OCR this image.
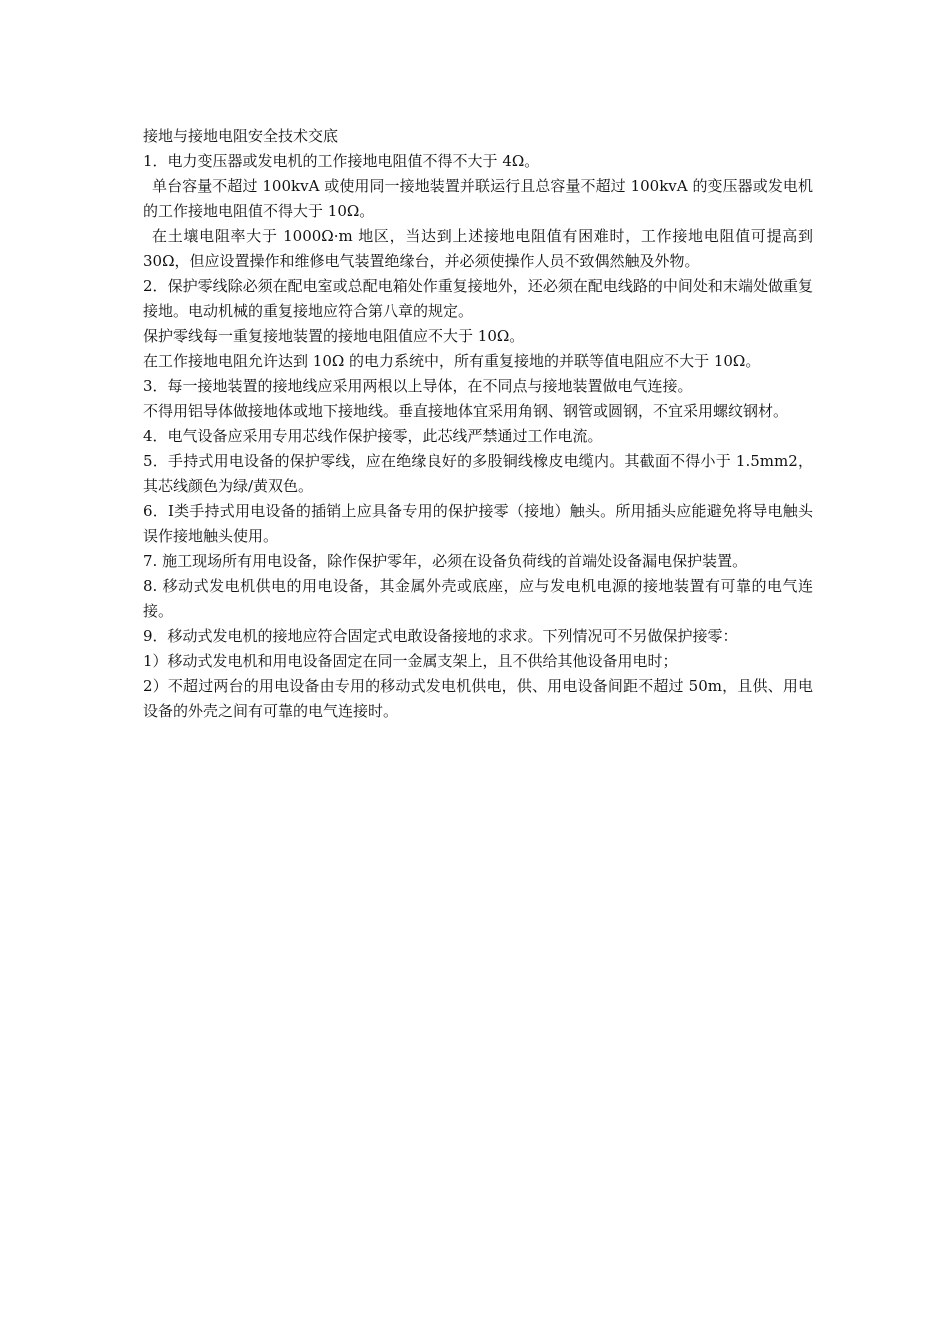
接地与接地电阻安全技术交底

1．电力变压器或发电机的工作接地电阻值不得不大于 4Ω。

单台容量不超过 100kvA 或使用同一接地装置并联运行且总容量不超过 100kvA 的变压器或发电机的工作接地电阻值不得大于 10Ω。

在土壤电阻率大于 1000Ω·m 地区，当达到上述接地电阻值有困难时，工作接地电阻值可提高到 30Ω，但应设置操作和维修电气装置绝缘台，并必须使操作人员不致偶然触及外物。

2．保护零线除必须在配电室或总配电箱处作重复接地外，还必须在配电线路的中间处和末端处做重复接地。电动机械的重复接地应符合第八章的规定。

保护零线每一重复接地装置的接地电阻值应不大于 10Ω。

在工作接地电阻允许达到 10Ω 的电力系统中，所有重复接地的并联等值电阻应不大于 10Ω。

3．每一接地装置的接地线应采用两根以上导体，在不同点与接地装置做电气连接。

不得用铝导体做接地体或地下接地线。垂直接地体宜采用角钢、钢管或圆钢，不宜采用螺纹钢材。

4．电气设备应采用专用芯线作保护接零，此芯线严禁通过工作电流。

5．手持式用电设备的保护零线，应在绝缘良好的多股铜线橡皮电缆内。其截面不得小于 1.5mm2，其芯线颜色为绿/黄双色。

6．Ⅰ类手持式用电设备的插销上应具备专用的保护接零（接地）触头。所用插头应能避免将导电触头误作接地触头使用。

7. 施工现场所有用电设备，除作保护零年，必须在设备负荷线的首端处设备漏电保护装置。

8. 移动式发电机供电的用电设备，其金属外壳或底座，应与发电机电源的接地装置有可靠的电气连接。

9．移动式发电机的接地应符合固定式电敢设备接地的求求。下列情况可不另做保护接零：

1）移动式发电机和用电设备固定在同一金属支架上，且不供给其他设备用电时；

2）不超过两台的用电设备由专用的移动式发电机供电，供、用电设备间距不超过 50m，且供、用电设备的外壳之间有可靠的电气连接时。
